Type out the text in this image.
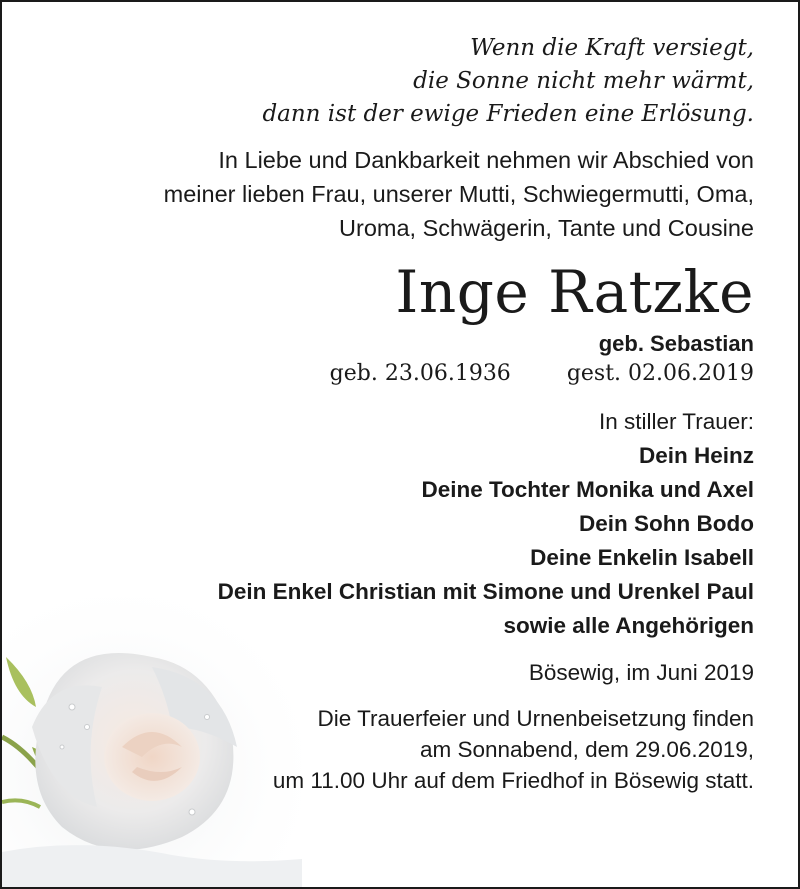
Wenn die Kraft versiegt,
die Sonne nicht mehr wärmt,
dann ist der ewige Frieden eine Erlösung.
In Liebe und Dankbarkeit nehmen wir Abschied von
meiner lieben Frau, unserer Mutti, Schwiegermutti, Oma,
Uroma, Schwägerin, Tante und Cousine
Inge Ratzke
geb. Sebastian
geb. 23.06.1936	gest. 02.06.2019
In stiller Trauer:
Dein Heinz
Deine Tochter Monika und Axel
Dein Sohn Bodo
Deine Enkelin Isabell
Dein Enkel Christian mit Simone und Urenkel Paul
sowie alle Angehörigen
Bösewig, im Juni 2019
Die Trauerfeier und Urnenbeisetzung finden
am Sonnabend, dem 29.06.2019,
um 11.00 Uhr auf dem Friedhof in Bösewig statt.
